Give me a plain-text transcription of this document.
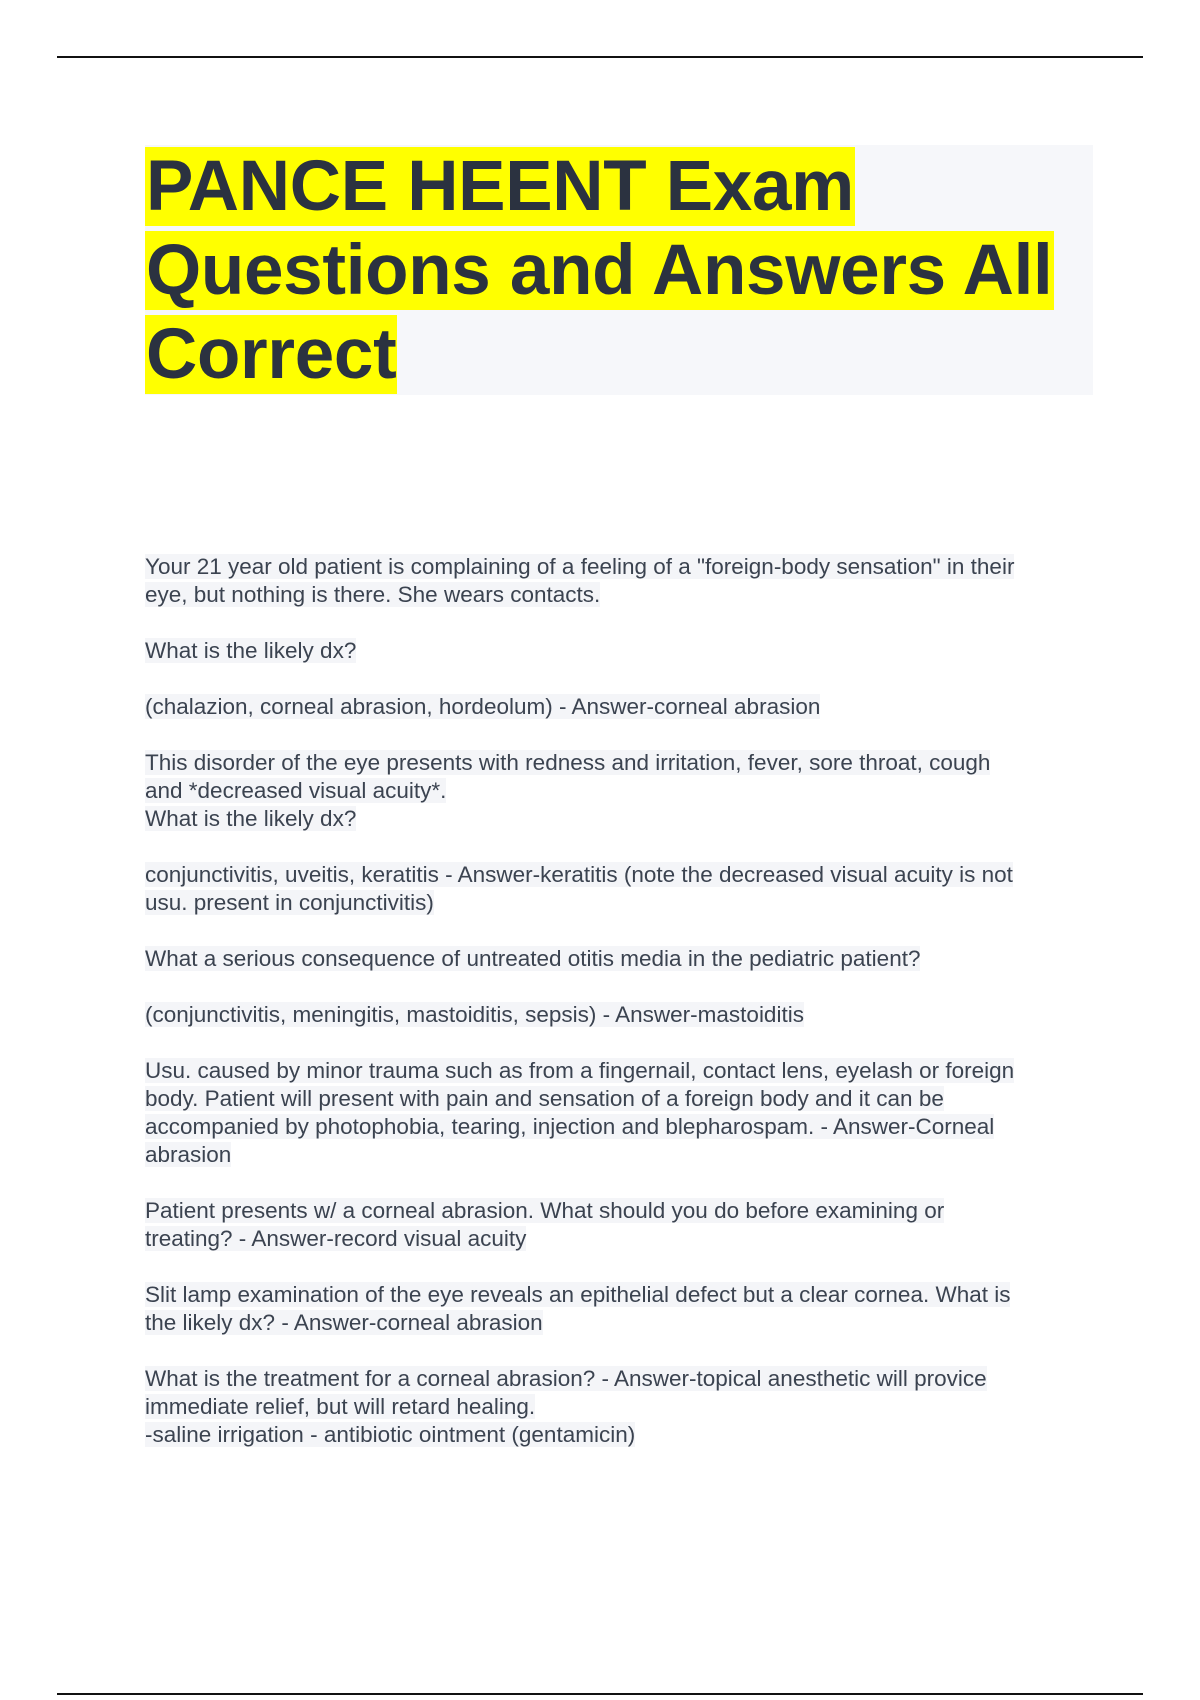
PANCE HEENT Exam Questions and Answers All Correct

Your 21 year old patient is complaining of a feeling of a "foreign-body sensation" in their
eye, but nothing is there. She wears contacts.

What is the likely dx?

(chalazion, corneal abrasion, hordeolum) - Answer-corneal abrasion

This disorder of the eye presents with redness and irritation, fever, sore throat, cough
and *decreased visual acuity*.
What is the likely dx?

conjunctivitis, uveitis, keratitis - Answer-keratitis (note the decreased visual acuity is not
usu. present in conjunctivitis)

What a serious consequence of untreated otitis media in the pediatric patient?

(conjunctivitis, meningitis, mastoiditis, sepsis) - Answer-mastoiditis

Usu. caused by minor trauma such as from a fingernail, contact lens, eyelash or foreign
body. Patient will present with pain and sensation of a foreign body and it can be
accompanied by photophobia, tearing, injection and blepharospam. - Answer-Corneal
abrasion

Patient presents w/ a corneal abrasion. What should you do before examining or
treating? - Answer-record visual acuity

Slit lamp examination of the eye reveals an epithelial defect but a clear cornea. What is
the likely dx? - Answer-corneal abrasion

What is the treatment for a corneal abrasion? - Answer-topical anesthetic will provice
immediate relief, but will retard healing.
-saline irrigation - antibiotic ointment (gentamicin)
